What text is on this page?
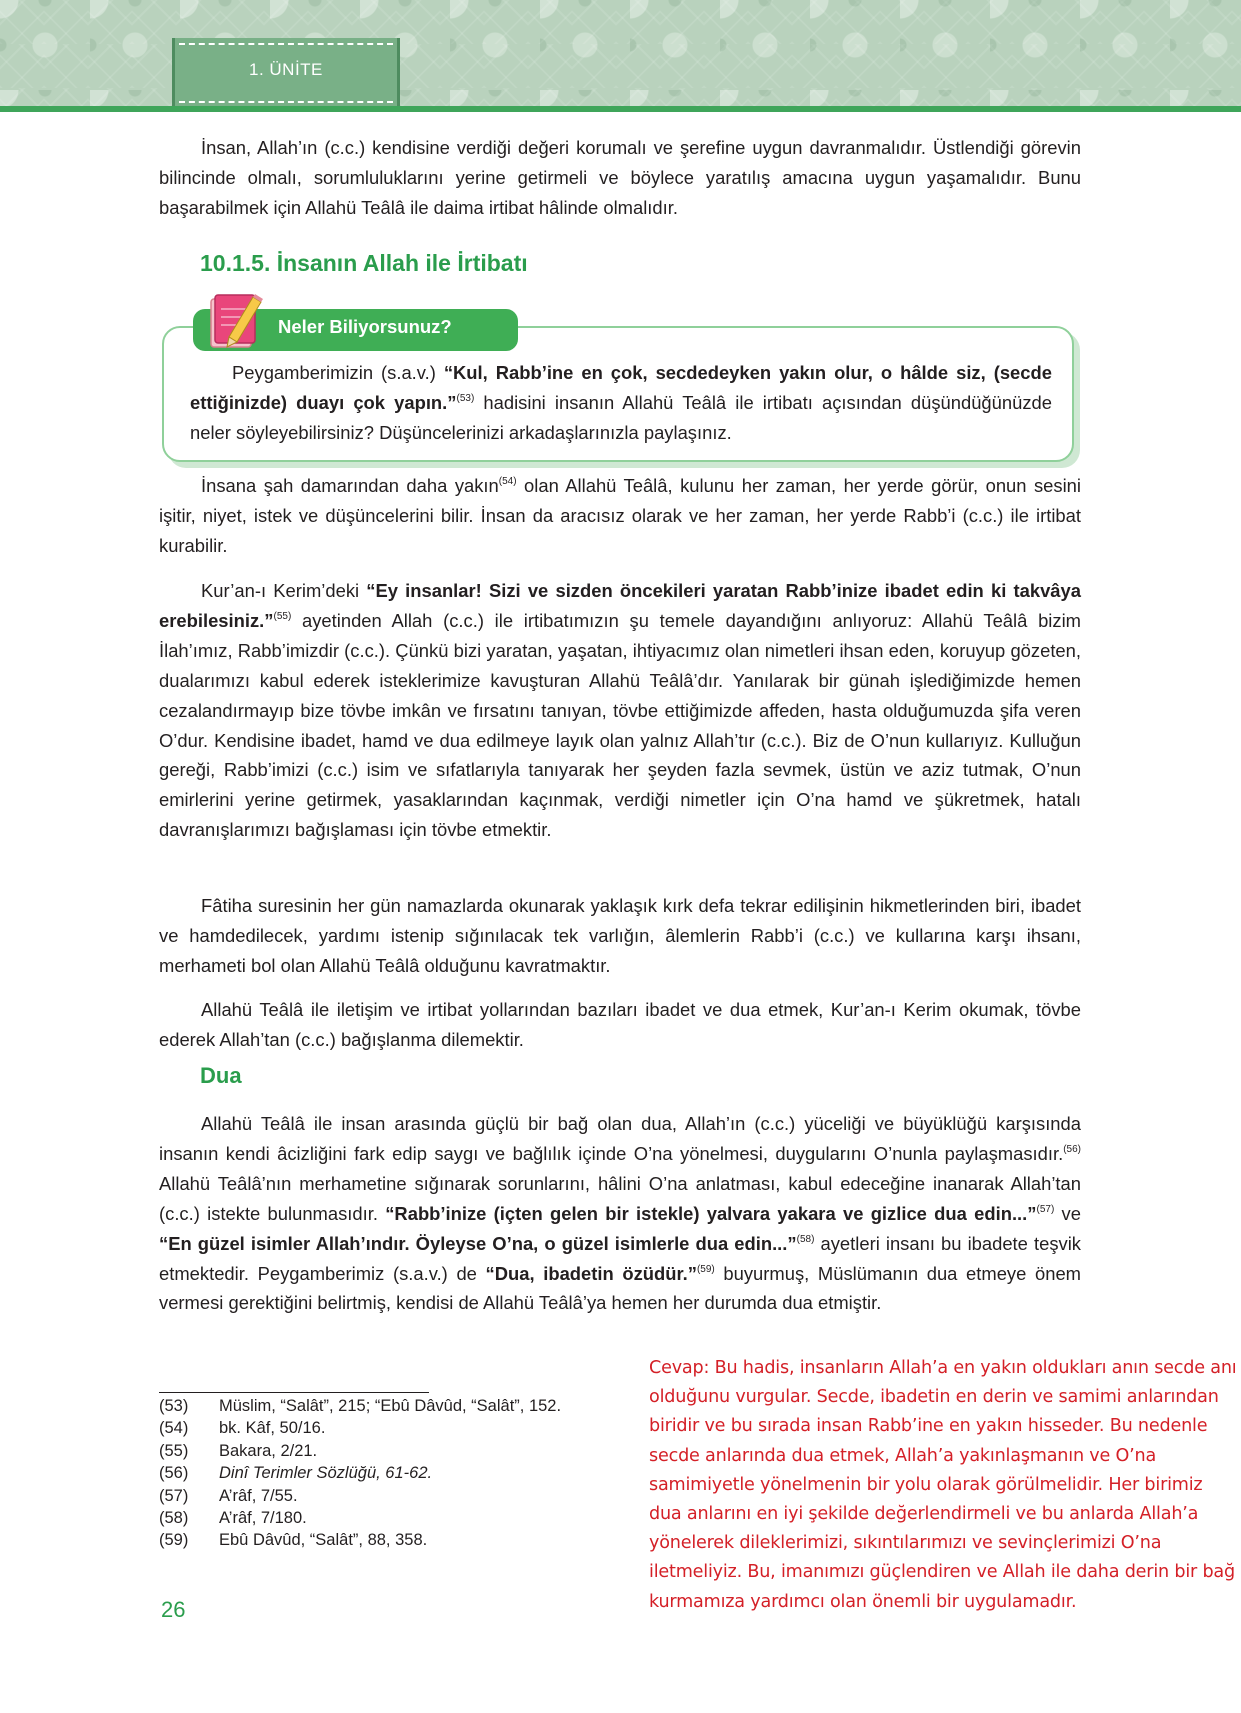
1. ÜNİTE

İnsan, Allah’ın (c.c.) kendisine verdiği değeri korumalı ve şerefine uygun davranmalıdır. Üstlendiği görevin bilincinde olmalı, sorumluluklarını yerine getirmeli ve böylece yaratılış amacına uygun yaşamalıdır. Bunu başarabilmek için Allahü Teâlâ ile daima irtibat hâlinde olmalıdır.

10.1.5. İnsanın Allah ile İrtibatı
Neler Biliyorsunuz?

Peygamberimizin (s.a.v.) “Kul, Rabb’ine en çok, secdedeyken yakın olur, o hâlde siz, (secde ettiğinizde) duayı çok yapın.”$^{(53)}$ hadisini insanın Allahü Teâlâ ile irtibatı açısından düşündüğünüzde neler söyleyebilirsiniz? Düşüncelerinizi arkadaşlarınızla paylaşınız.

İnsana şah damarından daha yakın$^{(54)}$ olan Allahü Teâlâ, kulunu her zaman, her yerde görür, onun sesini işitir, niyet, istek ve düşüncelerini bilir. İnsan da aracısız olarak ve her zaman, her yerde Rabb’i (c.c.) ile irtibat kurabilir.

Kur’an-ı Kerim’deki “Ey insanlar! Sizi ve sizden öncekileri yaratan Rabb’inize ibadet edin ki takvâya erebilesiniz.”$^{(55)}$ ayetinden Allah (c.c.) ile irtibatımızın şu temele dayandığını anlıyoruz: Allahü Teâlâ bizim İlah’ımız, Rabb’imizdir (c.c.). Çünkü bizi yaratan, yaşatan, ihtiyacımız olan nimetleri ihsan eden, koruyup gözeten, dualarımızı kabul ederek isteklerimize kavuşturan Allahü Teâlâ’dır. Yanılarak bir günah işlediğimizde hemen cezalandırmayıp bize tövbe imkân ve fırsatını tanıyan, tövbe ettiğimizde affeden, hasta olduğumuzda şifa veren O’dur. Kendisine ibadet, hamd ve dua edilmeye layık olan yalnız Allah’tır (c.c.). Biz de O’nun kullarıyız. Kulluğun gereği, Rabb’imizi (c.c.) isim ve sıfatlarıyla tanıyarak her şeyden fazla sevmek, üstün ve aziz tutmak, O’nun emirlerini yerine getirmek, yasaklarından kaçınmak, verdiği nimetler için O’na hamd ve şükretmek, hatalı davranışlarımızı bağışlaması için tövbe etmektir.

Fâtiha suresinin her gün namazlarda okunarak yaklaşık kırk defa tekrar edilişinin hikmetlerinden biri, ibadet ve hamdedilecek, yardımı istenip sığınılacak tek varlığın, âlemlerin Rabb’i (c.c.) ve kullarına karşı ihsanı, merhameti bol olan Allahü Teâlâ olduğunu kavratmaktır.

Allahü Teâlâ ile iletişim ve irtibat yollarından bazıları ibadet ve dua etmek, Kur’an-ı Kerim okumak, tövbe ederek Allah’tan (c.c.) bağışlanma dilemektir.

Dua

Allahü Teâlâ ile insan arasında güçlü bir bağ olan dua, Allah’ın (c.c.) yüceliği ve büyüklüğü karşısında insanın kendi âcizliğini fark edip saygı ve bağlılık içinde O’na yönelmesi, duygularını O’nunla paylaşmasıdır.$^{(56)}$ Allahü Teâlâ’nın merhametine sığınarak sorunlarını, hâlini O’na anlatması, kabul edeceğine inanarak Allah’tan (c.c.) istekte bulunmasıdır. “Rabb’inize (içten gelen bir istekle) yalvara yakara ve gizlice dua edin...”$^{(57)}$ ve “En güzel isimler Allah’ındır. Öyleyse O’na, o güzel isimlerle dua edin...”$^{(58)}$ ayetleri insanı bu ibadete teşvik etmektedir. Peygamberimiz (s.a.v.) de “Dua, ibadetin özüdür.”$^{(59)}$ buyurmuş, Müslümanın dua etmeye önem vermesi gerektiğini belirtmiş, kendisi de Allahü Teâlâ’ya hemen her durumda dua etmiştir.

(53)	Müslim, “Salât”, 215; “Ebû Dâvûd, “Salât”, 152.
(54)	bk. Kâf, 50/16.
(55)	Bakara, 2/21.
(56)	Dinî Terimler Sözlüğü, 61-62.
(57)	A’râf, 7/55.
(58)	A’râf, 7/180.
(59)	Ebû Dâvûd, “Salât”, 88, 358.
26

Cevap: Bu hadis, insanların Allah’a en yakın oldukları anın secde anı olduğunu vurgular. Secde, ibadetin en derin ve samimi anlarından biridir ve bu sırada insan Rabb’ine en yakın hisseder. Bu nedenle secde anlarında dua etmek, Allah’a yakınlaşmanın ve O’na samimiyetle yönelmenin bir yolu olarak görülmelidir. Her birimiz dua anlarını en iyi şekilde değerlendirmeli ve bu anlarda Allah’a yönelerek dileklerimizi, sıkıntılarımızı ve sevinçlerimizi O’na iletmeliyiz. Bu, imanımızı güçlendiren ve Allah ile daha derin bir bağ kurmamıza yardımcı olan önemli bir uygulamadır.
